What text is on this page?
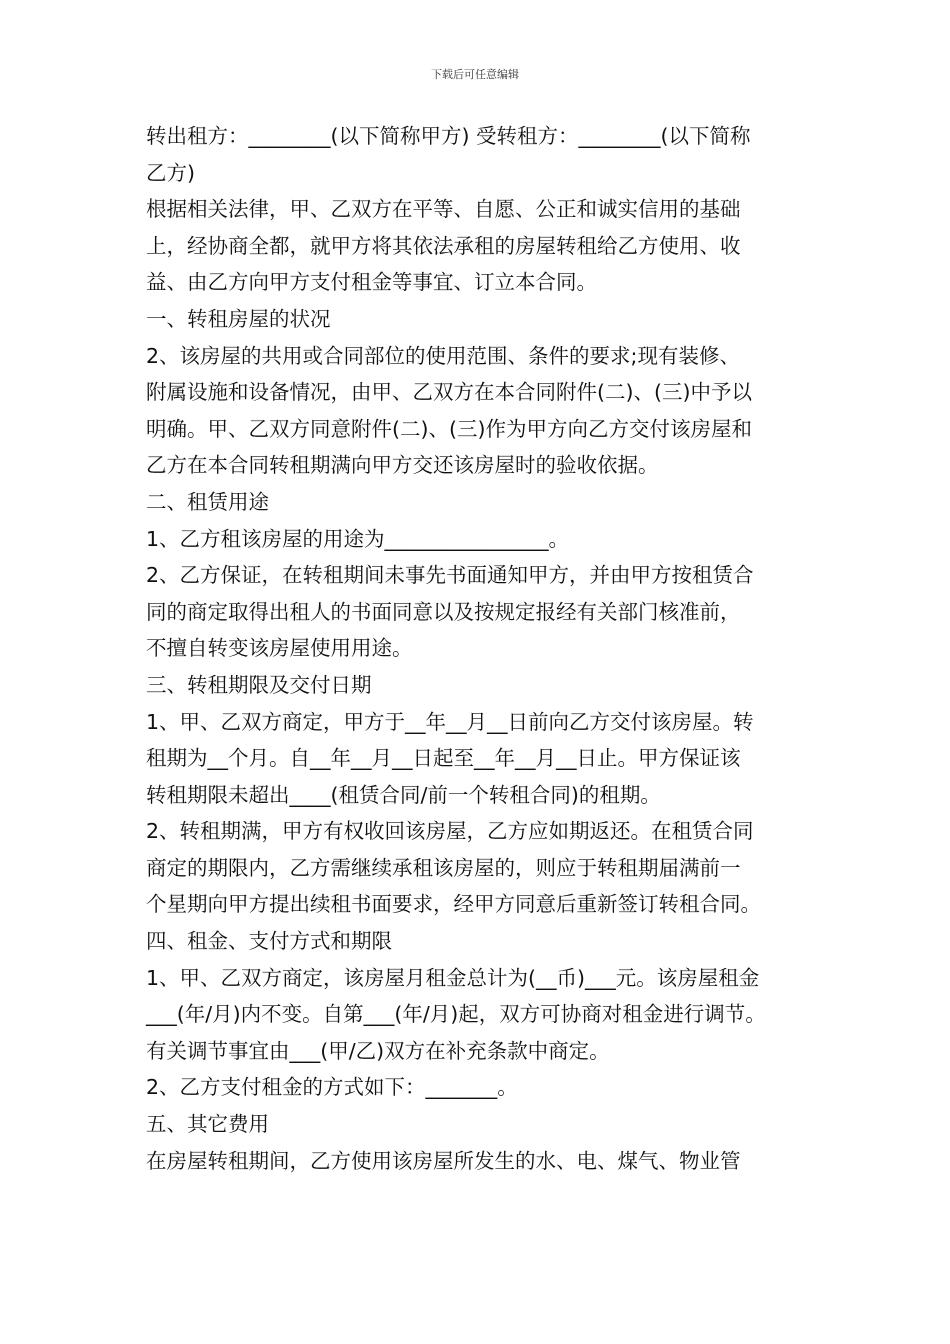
下载后可任意编辑
转出租方：________(以下简称甲方) 受转租方：________(以下简称
乙方)
根据相关法律，甲、乙双方在平等、自愿、公正和诚实信用的基础
上，经协商全都，就甲方将其依法承租的房屋转租给乙方使用、收
益、由乙方向甲方支付租金等事宜、订立本合同。
一、转租房屋的状况
2、该房屋的共用或合同部位的使用范围、条件的要求;现有装修、
附属设施和设备情况，由甲、乙双方在本合同附件(二)、(三)中予以
明确。甲、乙双方同意附件(二)、(三)作为甲方向乙方交付该房屋和
乙方在本合同转租期满向甲方交还该房屋时的验收依据。
二、租赁用途
1、乙方租该房屋的用途为________________。
2、乙方保证，在转租期间未事先书面通知甲方，并由甲方按租赁合
同的商定取得出租人的书面同意以及按规定报经有关部门核准前，
不擅自转变该房屋使用用途。
三、转租期限及交付日期
1、甲、乙双方商定，甲方于__年__月__日前向乙方交付该房屋。转
租期为__个月。自__年__月__日起至__年__月__日止。甲方保证该
转租期限未超出____(租赁合同/前一个转租合同)的租期。
2、转租期满，甲方有权收回该房屋，乙方应如期返还。在租赁合同
商定的期限内，乙方需继续承租该房屋的，则应于转租期届满前一
个星期向甲方提出续租书面要求，经甲方同意后重新签订转租合同。
四、租金、支付方式和期限
1、甲、乙双方商定，该房屋月租金总计为(__币)___元。该房屋租金
___(年/月)内不变。自第___(年/月)起，双方可协商对租金进行调节。
有关调节事宜由___(甲/乙)双方在补充条款中商定。
2、乙方支付租金的方式如下：_______。
五、其它费用
在房屋转租期间，乙方使用该房屋所发生的水、电、煤气、物业管
